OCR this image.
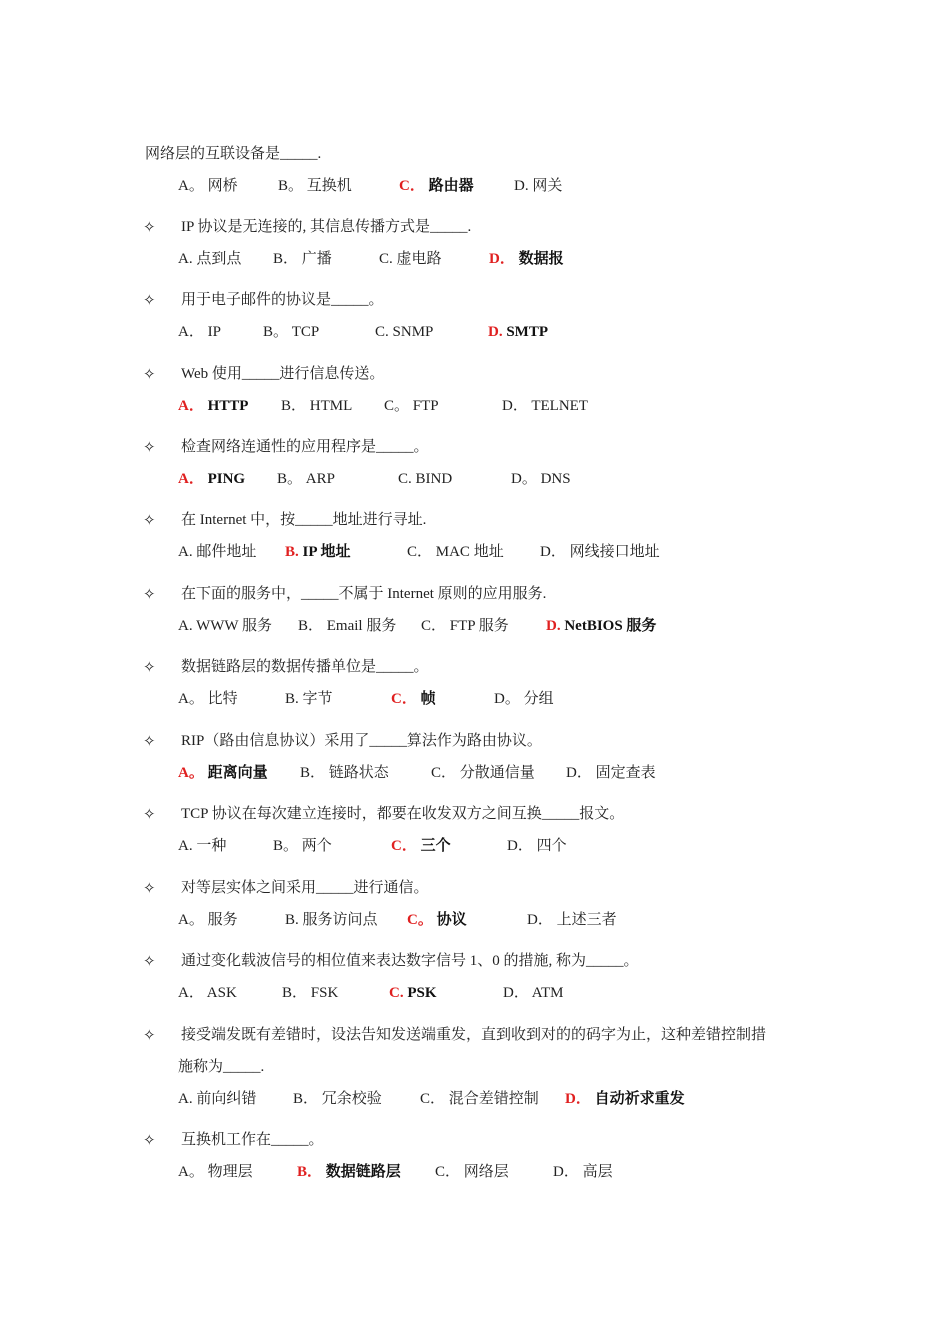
网络层的互联设备是_____.
A。 网桥	B。 互换机	C． 路由器	D. 网关
✧ IP 协议是无连接的, 其信息传播方式是_____.
A. 点到点 B． 广播	C. 虚电路	D． 数据报
✧ 用于电子邮件的协议是_____。
A． IP	B。 TCP	C. SNMP	D. SMTP
✧ Web 使用_____进行信息传送。
A． HTTP B． HTML C。 FTP	D． TELNET
✧ 检查网络连通性的应用程序是_____。
A． PING B。 ARP	C. BIND	D。 DNS
✧ 在 Internet 中，按_____地址进行寻址.
A. 邮件地址 B. IP 地址	C． MAC 地址 D． 网线接口地址
✧ 在下面的服务中，_____不属于 Internet 原则的应用服务.
A. WWW 服务 B． Email 服务 C． FTP 服务 D. NetBIOS 服务
✧ 数据链路层的数据传播单位是_____。
A。 比特	B. 字节	C． 帧	D。 分组
✧ RIP（路由信息协议）采用了_____算法作为路由协议。
A。 距离向量 B． 链路状态	C． 分散通信量 D． 固定查表
✧ TCP 协议在每次建立连接时，都要在收发双方之间互换_____报文。
A. 一种	B。 两个	C． 三个	D． 四个
✧ 对等层实体之间采用_____进行通信。
A。 服务	B. 服务访问点 C。 协议	D． 上述三者
✧ 通过变化载波信号的相位值来表达数字信号 1、0 的措施, 称为_____。
A． ASK	B． FSK	C. PSK	D． ATM
✧ 接受端发既有差错时，设法告知发送端重发，直到收到对的的码字为止，这种差错控制措
施称为_____.
A. 前向纠错 B． 冗余校验	C． 混合差错控制 D． 自动祈求重发
✧ 互换机工作在_____。
A。 物理层	B． 数据链路层 C． 网络层	D． 高层
